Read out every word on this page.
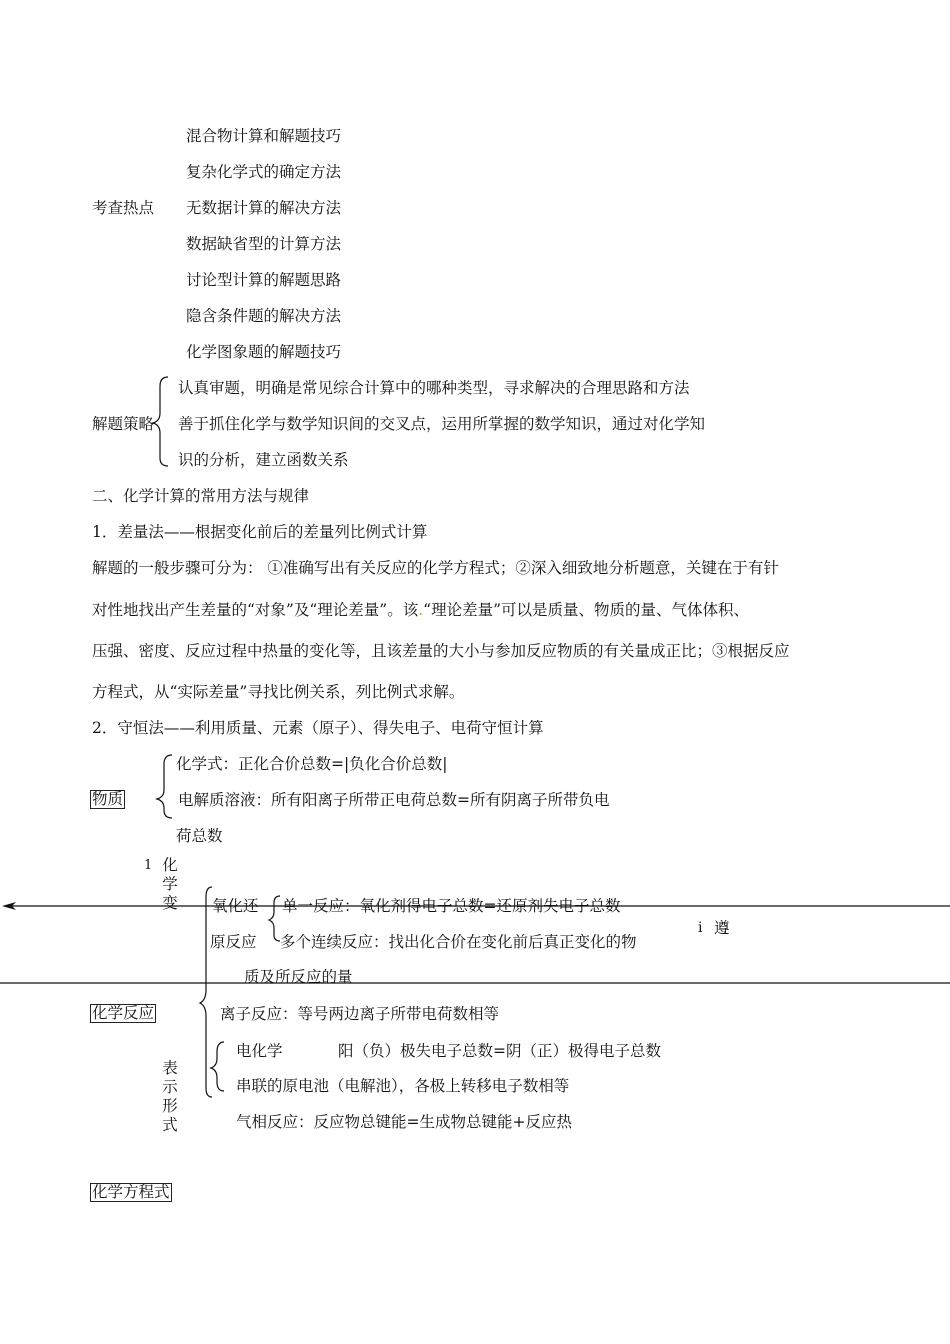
考查热点
混合物计算和解题技巧
复杂化学式的确定方法
无数据计算的解决方法
数据缺省型的计算方法
讨论型计算的解题思路
隐含条件题的解决方法
化学图象题的解题技巧
解题策略
认真审题，明确是常见综合计算中的哪种类型，寻求解决的合理思路和方法
善于抓住化学与数学知识间的交叉点，运用所掌握的数学知识，通过对化学知
识的分析，建立函数关系
二、化学计算的常用方法与规律
1．差量法——根据变化前后的差量列比例式计算
解题的一般步骤可分为： ①准确写出有关反应的化学方程式；②深入细致地分析题意，关键在于有针
对性地找出产生差量的“对象”及“理论差量”。该.“理论差量”可以是质量、物质的量、气体体积、
压强、密度、反应过程中热量的变化等，且该差量的大小与参加反应物质的有关量成正比；③根据反应
方程式，从“实际差量”寻找比例关系，列比例式求解。
2．守恒法——利用质量、元素（原子）、得失电子、电荷守恒计算
物质
化学式：正化合价总数=|负化合价总数|
电解质溶液：所有阳离子所带正电荷总数=所有阴离子所带负电
荷总数
1 化学变 氧化还
原反应
单一反应：氧化剂得电子总数=还原剂失电子总数
多个连续反应：找出化合价在变化前后真正变化的物
质及所反应的量
i 遵
化学反应	离子反应：等号两边离子所带电荷数相等
表示形式
电化学	阳（负）极失电子总数=阴（正）极得电子总数
串联的原电池（电解池），各极上转移电子数相等
气相反应：反应物总键能=生成物总键能+反应热
化学方程式
